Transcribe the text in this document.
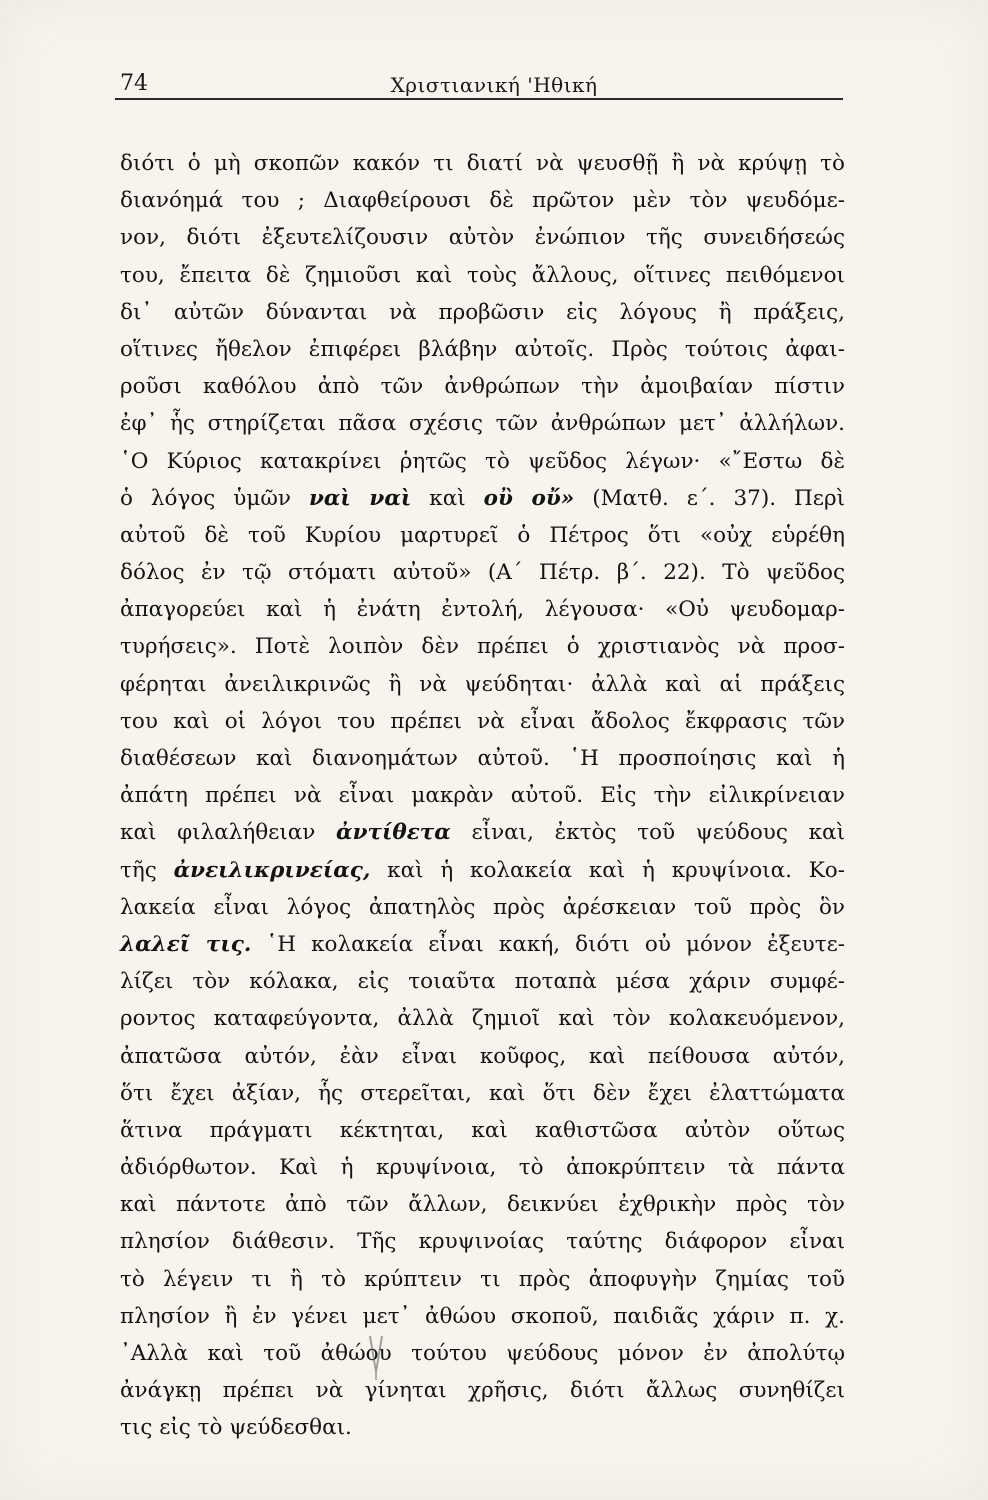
74	Χριστιανική 'Ηθική
διότι ὁ μὴ σκοπῶν κακόν τι διατί νὰ ψευσθῇ ἢ νὰ κρύψῃ τὸ
διανόημά του ; Διαφθείρουσι δὲ πρῶτον μὲν τὸν ψευδόμε-
νον, διότι ἐξευτελίζουσιν αὐτὸν ἐνώπιον τῆς συνειδήσεώς
του, ἔπειτα δὲ ζημιοῦσι καὶ τοὺς ἄλλους, οἵτινες πειθόμενοι
δι᾽ αὐτῶν δύνανται νὰ προβῶσιν εἰς λόγους ἢ πράξεις,
οἵτινες ἤθελον ἐπιφέρει βλάβην αὐτοῖς. Πρὸς τούτοις ἀφαι-
ροῦσι καθόλου ἀπὸ τῶν ἀνθρώπων τὴν ἀμοιβαίαν πίστιν
ἐφ᾽ ἧς στηρίζεται πᾶσα σχέσις τῶν ἀνθρώπων μετ᾽ ἀλλήλων.
῾Ο Κύριος κατακρίνει ῥητῶς τὸ ψεῦδος λέγων· «῎Εστω δὲ
ὁ λόγος ὑμῶν ναὶ ναὶ καὶ οὒ οὔ» (Ματθ. ε΄. 37). Περὶ
αὐτοῦ δὲ τοῦ Κυρίου μαρτυρεῖ ὁ Πέτρος ὅτι «οὐχ εὑρέθη
δόλος ἐν τῷ στόματι αὐτοῦ» (Α΄ Πέτρ. β΄. 22). Τὸ ψεῦδος
ἀπαγορεύει καὶ ἡ ἐνάτη ἐντολή, λέγουσα· «Οὐ ψευδομαρ-
τυρήσεις». Ποτὲ λοιπὸν δὲν πρέπει ὁ χριστιανὸς νὰ προσ-
φέρηται ἀνειλικρινῶς ἢ νὰ ψεύδηται· ἀλλὰ καὶ αἱ πράξεις
του καὶ οἱ λόγοι του πρέπει νὰ εἶναι ἄδολος ἔκφρασις τῶν
διαθέσεων καὶ διανοημάτων αὐτοῦ. ῾Η προσποίησις καὶ ἡ
ἀπάτη πρέπει νὰ εἶναι μακρὰν αὐτοῦ. Εἰς τὴν εἰλικρίνειαν
καὶ φιλαλήθειαν ἀντίθετα εἶναι, ἐκτὸς τοῦ ψεύδους καὶ
τῆς ἀνειλικρινείας, καὶ ἡ κολακεία καὶ ἡ κρυψίνοια. Κο-
λακεία εἶναι λόγος ἀπατηλὸς πρὸς ἀρέσκειαν τοῦ πρὸς ὃν
λαλεῖ τις. ῾Η κολακεία εἶναι κακή, διότι οὐ μόνον ἐξευτε-
λίζει τὸν κόλακα, εἰς τοιαῦτα ποταπὰ μέσα χάριν συμφέ-
ροντος καταφεύγοντα, ἀλλὰ ζημιοῖ καὶ τὸν κολακευόμενον,
ἀπατῶσα αὐτόν, ἐὰν εἶναι κοῦφος, καὶ πείθουσα αὐτόν,
ὅτι ἔχει ἀξίαν, ἧς στερεῖται, καὶ ὅτι δὲν ἔχει ἐλαττώματα
ἅτινα πράγματι κέκτηται, καὶ καθιστῶσα αὐτὸν οὕτως
ἀδιόρθωτον. Καὶ ἡ κρυψίνοια, τὸ ἀποκρύπτειν τὰ πάντα
καὶ πάντοτε ἀπὸ τῶν ἄλλων, δεικνύει ἐχθρικὴν πρὸς τὸν
πλησίον διάθεσιν. Τῆς κρυψινοίας ταύτης διάφορον εἶναι
τὸ λέγειν τι ἢ τὸ κρύπτειν τι πρὸς ἀποφυγὴν ζημίας τοῦ
πλησίον ἢ ἐν γένει μετ᾽ ἀθώου σκοποῦ, παιδιᾶς χάριν π. χ.
᾽Αλλὰ καὶ τοῦ ἀθώου τούτου ψεύδους μόνον ἐν ἀπολύτῳ
ἀνάγκῃ πρέπει νὰ γίνηται χρῆσις, διότι ἄλλως συνηθίζει
τις εἰς τὸ ψεύδεσθαι.
